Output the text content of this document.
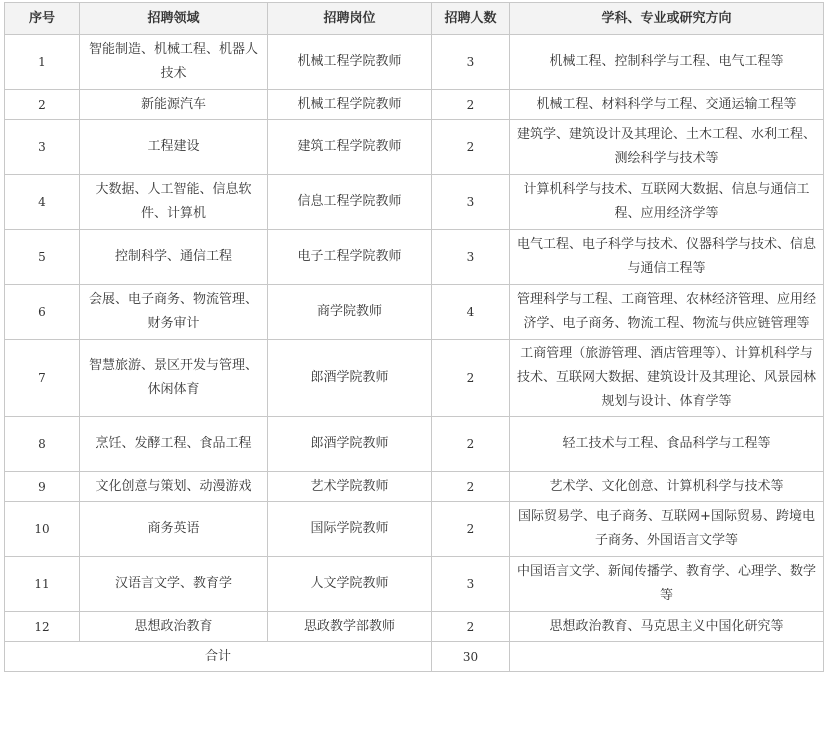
序号	招聘领域	招聘岗位	招聘人数	学科、专业或研究方向
1	智能制造、机械工程、机器人技术	机械工程学院教师	3	机械工程、控制科学与工程、电气工程等
2	新能源汽车	机械工程学院教师	2	机械工程、材料科学与工程、交通运输工程等
3	工程建设	建筑工程学院教师	2	建筑学、建筑设计及其理论、土木工程、水利工程、测绘科学与技术等
4	大数据、人工智能、信息软件、计算机	信息工程学院教师	3	计算机科学与技术、互联网大数据、信息与通信工程、应用经济学等
5	控制科学、通信工程	电子工程学院教师	3	电气工程、电子科学与技术、仪器科学与技术、信息与通信工程等
6	会展、电子商务、物流管理、财务审计	商学院教师	4	管理科学与工程、工商管理、农林经济管理、应用经济学、电子商务、物流工程、物流与供应链管理等
7	智慧旅游、景区开发与管理、休闲体育	郎酒学院教师	2	工商管理（旅游管理、酒店管理等）、计算机科学与技术、互联网大数据、建筑设计及其理论、风景园林规划与设计、体育学等
8	烹饪、发酵工程、食品工程	郎酒学院教师	2	轻工技术与工程、食品科学与工程等
9	文化创意与策划、动漫游戏	艺术学院教师	2	艺术学、文化创意、计算机科学与技术等
10	商务英语	国际学院教师	2	国际贸易学、电子商务、互联网+国际贸易、跨境电子商务、外国语言文学等
11	汉语言文学、教育学	人文学院教师	3	中国语言文学、新闻传播学、教育学、心理学、数学等
12	思想政治教育	思政教学部教师	2	思想政治教育、马克思主义中国化研究等
合计			30	
